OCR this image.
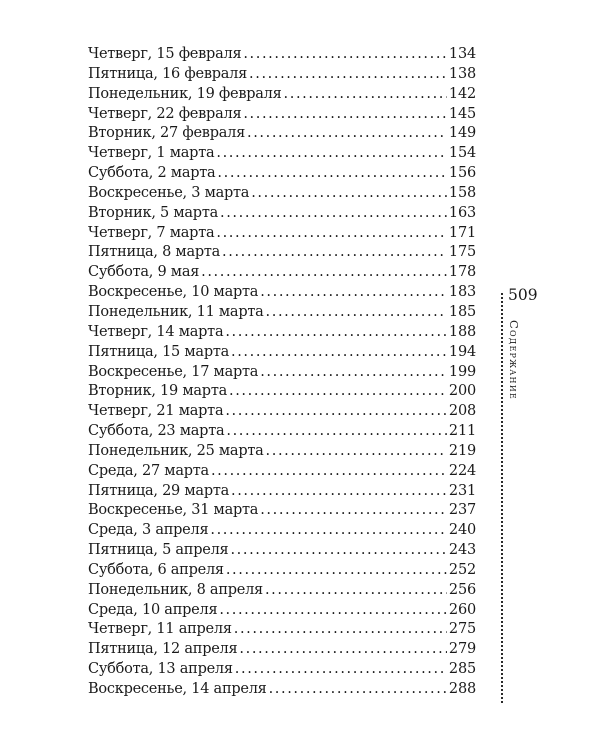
Четверг, 15 февраля .....	134
Пятница, 16 февраля .....	138
Понедельник, 19 февраля .....	142
Четверг, 22 февраля .....	145
Вторник, 27 февраля .....	149
Четверг, 1 марта .....	154
Суббота, 2 марта .....	156
Воскресенье, 3 марта .....	158
Вторник, 5 марта .....	163
Четверг, 7 марта .....	171
Пятница, 8 марта .....	175
Суббота, 9 мая .....	178
Воскресенье, 10 марта .....	183
Понедельник, 11 марта .....	185
Четверг, 14 марта .....	188
Пятница, 15 марта .....	194
Воскресенье, 17 марта .....	199
Вторник, 19 марта .....	200
Четверг, 21 марта .....	208
Суббота, 23 марта .....	211
Понедельник, 25 марта .....	219
Среда, 27 марта .....	224
Пятница, 29 марта .....	231
Воскресенье, 31 марта .....	237
Среда, 3 апреля .....	240
Пятница, 5 апреля .....	243
Суббота, 6 апреля .....	252
Понедельник, 8 апреля .....	256
Среда, 10 апреля .....	260
Четверг, 11 апреля .....	275
Пятница, 12 апреля .....	279
Суббота, 13 апреля .....	285
Воскресенье, 14 апреля .....	288
509
Содержание
